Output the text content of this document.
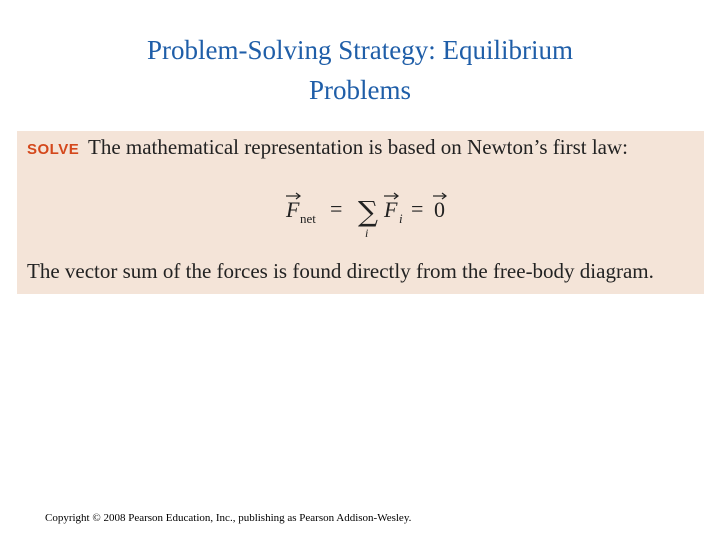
Problem-Solving Strategy: Equilibrium
Problems
SOLVE The mathematical representation is based on Newton’s first law:
F net = ∑
i
F i = 0
The vector sum of the forces is found directly from the free-body diagram.
Copyright © 2008 Pearson Education, Inc., publishing as Pearson Addison-Wesley.
